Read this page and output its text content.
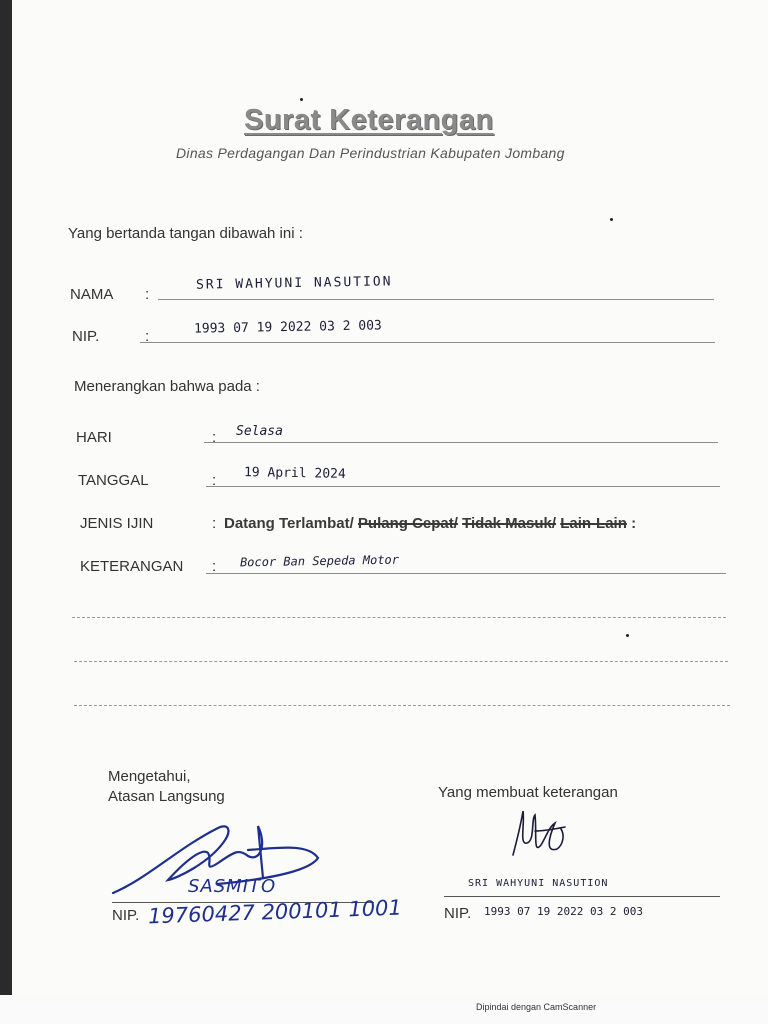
Surat Keterangan
Dinas Perdagangan Dan Perindustrian Kabupaten Jombang
Yang bertanda tangan dibawah ini :
NAMA :
SRI WAHYUNI NASUTION
NIP.	:	1993 07 19 2022 03 2 003
Menerangkan bahwa pada :
HARI	: Selasa
TANGGAL	: 19 April 2024
JENIS IJIN	: Datang Terlambat/ Pulang Cepat/ Tidak Masuk/ Lain-Lain :
KETERANGAN : Bocor Ban Sepeda Motor
Mengetahui,
Atasan Langsung
SASMITO
NIP. 19760427 200101 1001
Yang membuat keterangan
SRI WAHYUNI NASUTION
NIP. 1993 07 19 2022 03 2 003
Dipindai dengan CamScanner
